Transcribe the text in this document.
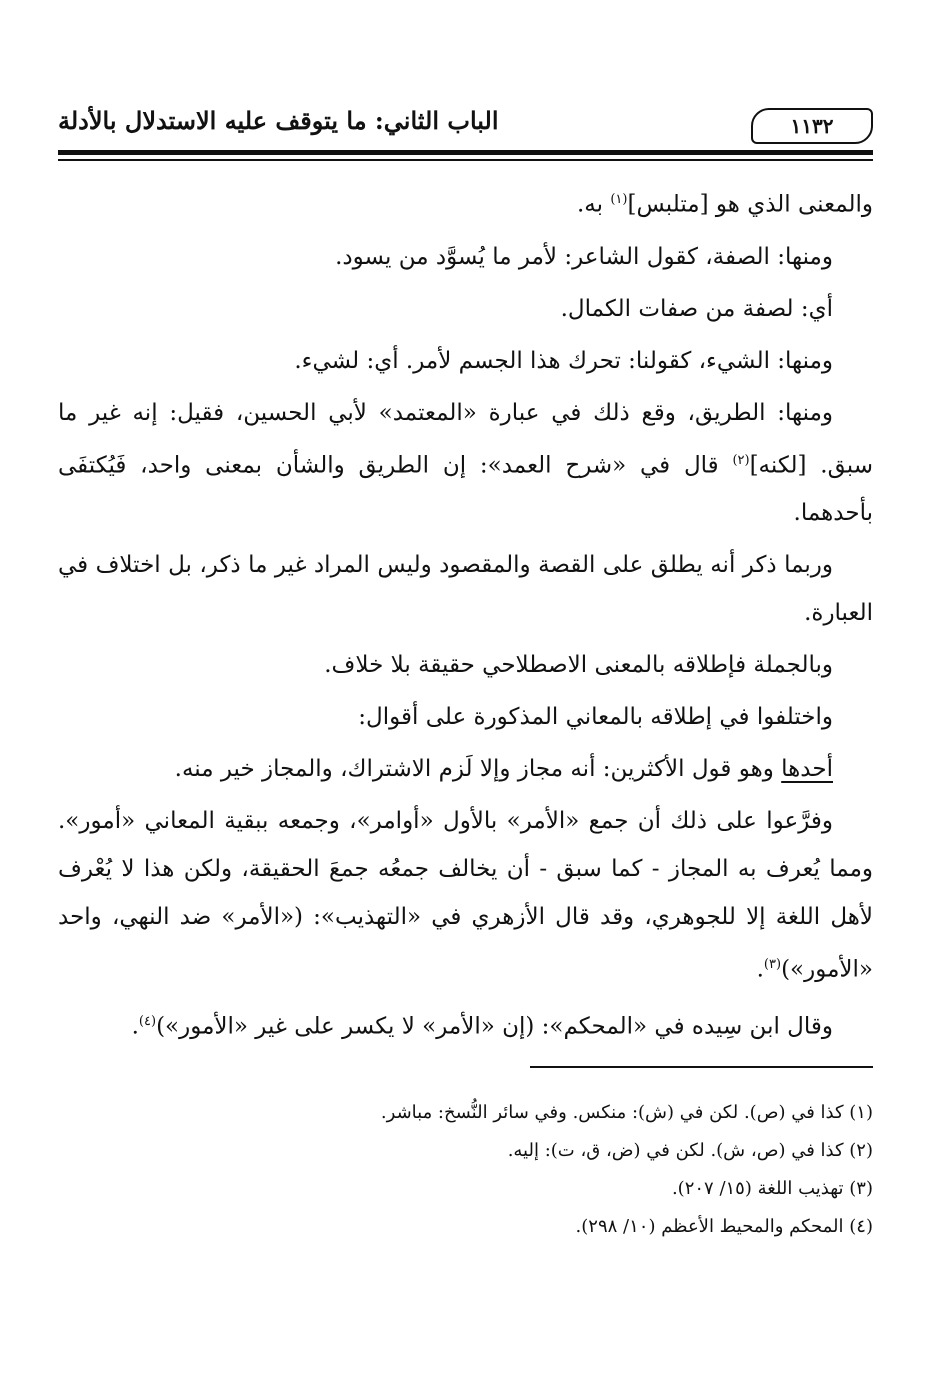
١١٣٢
الباب الثاني: ما يتوقف عليه الاستدلال بالأدلة

والمعنى الذي هو [متلبس]$^{(١)}$ به.

ومنها: الصفة، كقول الشاعر: لأمر ما يُسوَّد من يسود.

أي: لصفة من صفات الكمال.

ومنها: الشيء، كقولنا: تحرك هذا الجسم لأمر. أي: لشيء.

ومنها: الطريق، وقع ذلك في عبارة «المعتمد» لأبي الحسين، فقيل: إنه غير ما سبق. [لكنه]$^{(٢)}$ قال في «شرح العمد»: إن الطريق والشأن بمعنى واحد، فَيُكتفَى بأحدهما.

وربما ذكر أنه يطلق على القصة والمقصود وليس المراد غير ما ذكر، بل اختلاف في العبارة.

وبالجملة فإطلاقه بالمعنى الاصطلاحي حقيقة بلا خلاف.

واختلفوا في إطلاقه بالمعاني المذكورة على أقوال:

أحدها وهو قول الأكثرين: أنه مجاز وإلا لَزم الاشتراك، والمجاز خير منه.

وفرَّعوا على ذلك أن جمع «الأمر» بالأول «أوامر»، وجمعه ببقية المعاني «أمور». ومما يُعرف به المجاز - كما سبق - أن يخالف جمعُه جمعَ الحقيقة، ولكن هذا لا يُعْرف لأهل اللغة إلا للجوهري، وقد قال الأزهري في «التهذيب»: («الأمر» ضد النهي، واحد «الأمور»)$^{(٣)}$.

وقال ابن سِيده في «المحكم»: (إن «الأمر» لا يكسر على غير «الأمور»)$^{(٤)}$.

(١) كذا في (ص). لكن في (ش): منكس. وفي سائر النُّسخ: مباشر.

(٢) كذا في (ص، ش). لكن في (ض، ق، ت): إليه.

(٣) تهذيب اللغة (١٥/ ٢٠٧).

(٤) المحكم والمحيط الأعظم (١٠/ ٢٩٨).
